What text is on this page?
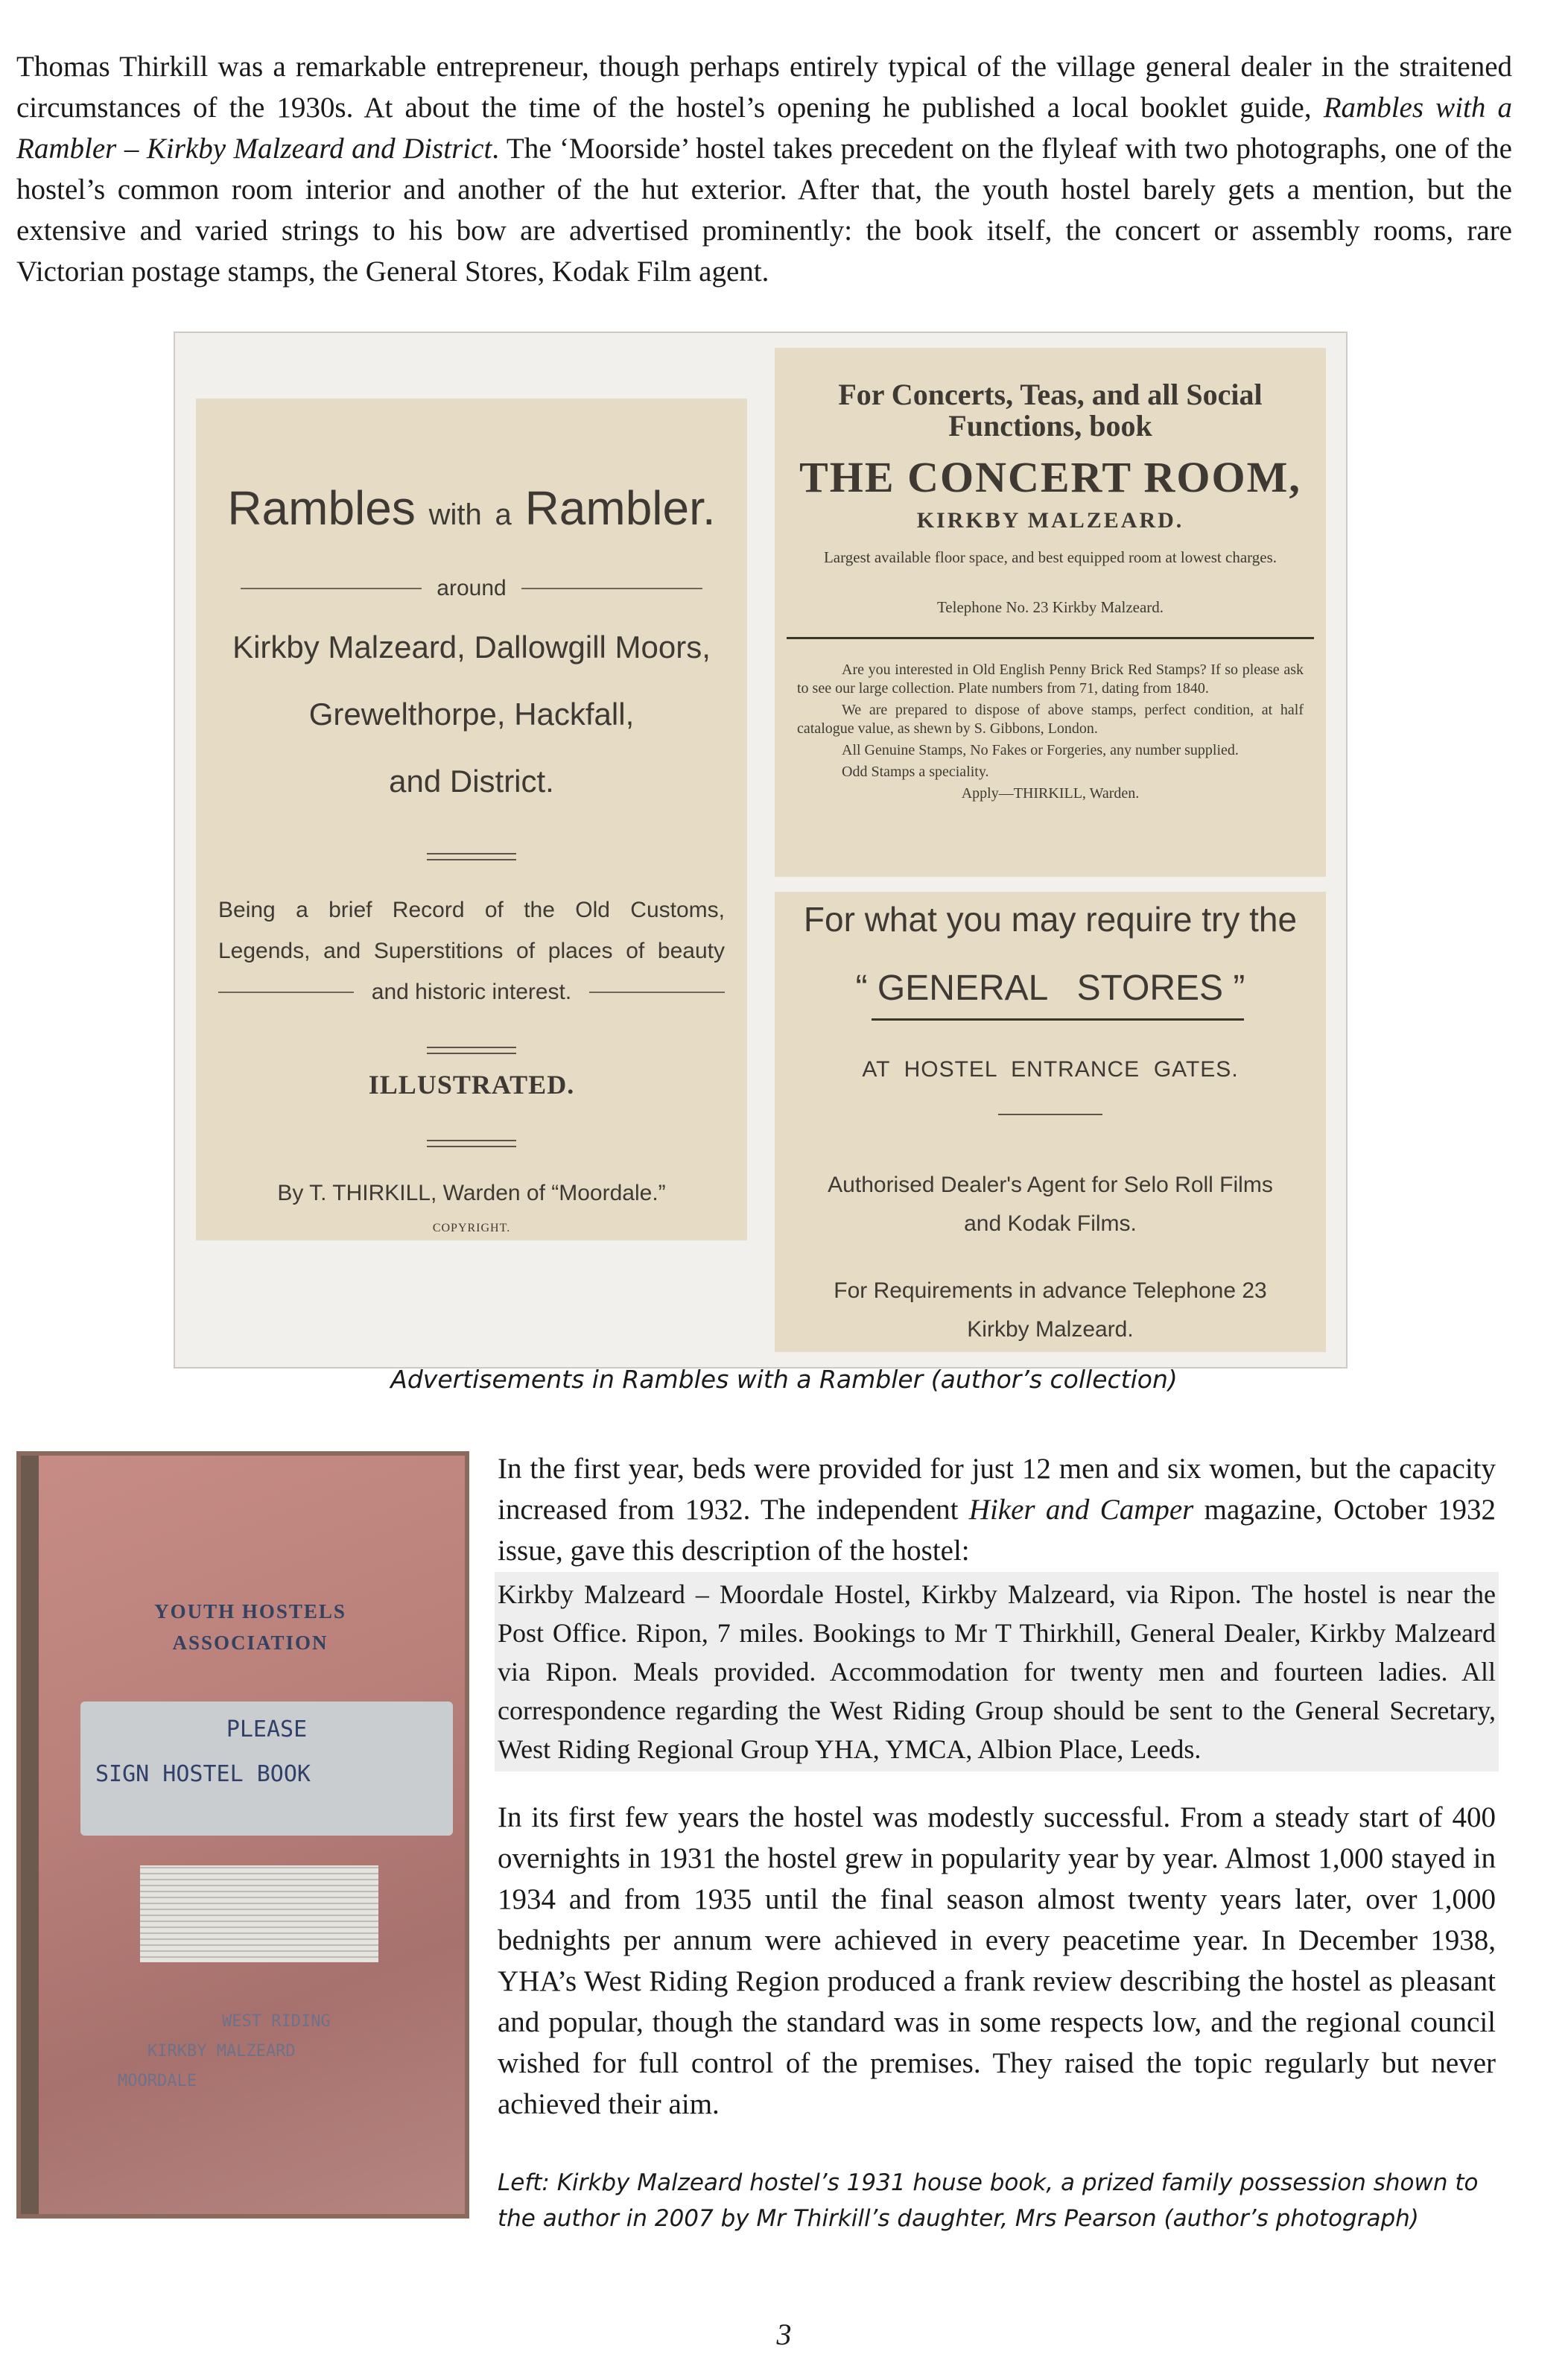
Thomas Thirkill was a remarkable entrepreneur, though perhaps entirely typical of the village general dealer in the straitened circumstances of the 1930s. At about the time of the hostel’s opening he published a local booklet guide, Rambles with a Rambler – Kirkby Malzeard and District. The ‘Moorside’ hostel takes precedent on the flyleaf with two photographs, one of the hostel’s common room interior and another of the hut exterior. After that, the youth hostel barely gets a mention, but the extensive and varied strings to his bow are advertised prominently: the book itself, the concert or assembly rooms, rare Victorian postage stamps, the General Stores, Kodak Film agent.

Rambles with a Rambler.
around
Kirkby Malzeard, Dallowgill Moors,
Grewelthorpe, Hackfall,
and District.
Being a brief Record of the Old Customs,
Legends, and Superstitions of places of beauty
and historic interest.
ILLUSTRATED.
By T. THIRKILL, Warden of “Moordale.”
COPYRIGHT.
For Concerts, Teas, and all Social
Functions, book
THE CONCERT ROOM,
KIRKBY MALZEARD.
Largest available floor space, and best equipped room at lowest charges.
Telephone No. 23 Kirkby Malzeard.

Are you interested in Old English Penny Brick Red Stamps? If so please ask to see our large collection. Plate numbers from 71, dating from 1840.

We are prepared to dispose of above stamps, perfect condition, at half catalogue value, as shewn by S. Gibbons, London.

All Genuine Stamps, No Fakes or Forgeries, any number supplied.

Odd Stamps a speciality.

Apply—THIRKILL, Warden.

For what you may require try the
“ GENERAL   STORES ”
AT  HOSTEL  ENTRANCE  GATES.
Authorised Dealer's Agent for Selo Roll Films
and Kodak Films.
For Requirements in advance Telephone 23
Kirkby Malzeard.
Advertisements in Rambles with a Rambler (author’s collection)
YOUTH HOSTELS
ASSOCIATION
PLEASE
SIGN HOSTEL BOOK
WEST RIDING
KIRKBY MALZEARD
MOORDALE

In the first year, beds were provided for just 12 men and six women, but the capacity increased from 1932. The independent Hiker and Camper magazine, October 1932 issue, gave this description of the hostel:

Kirkby Malzeard – Moordale Hostel, Kirkby Malzeard, via Ripon. The hostel is near the Post Office. Ripon, 7 miles. Bookings to Mr T Thirkhill, General Dealer, Kirkby Malzeard via Ripon. Meals provided. Accommodation for twenty men and fourteen ladies. All correspondence regarding the West Riding Group should be sent to the General Secretary, West Riding Regional Group YHA, YMCA, Albion Place, Leeds.

In its first few years the hostel was modestly successful. From a steady start of 400 overnights in 1931 the hostel grew in popularity year by year. Almost 1,000 stayed in 1934 and from 1935 until the final season almost twenty years later, over 1,000 bednights per annum were achieved in every peacetime year. In December 1938, YHA’s West Riding Region produced a frank review describing the hostel as pleasant and popular, though the standard was in some respects low, and the regional council wished for full control of the premises. They raised the topic regularly but never achieved their aim.

Left: Kirkby Malzeard hostel’s 1931 house book, a prized family possession shown to the author in 2007 by Mr Thirkill’s daughter, Mrs Pearson (author’s photograph)

3
